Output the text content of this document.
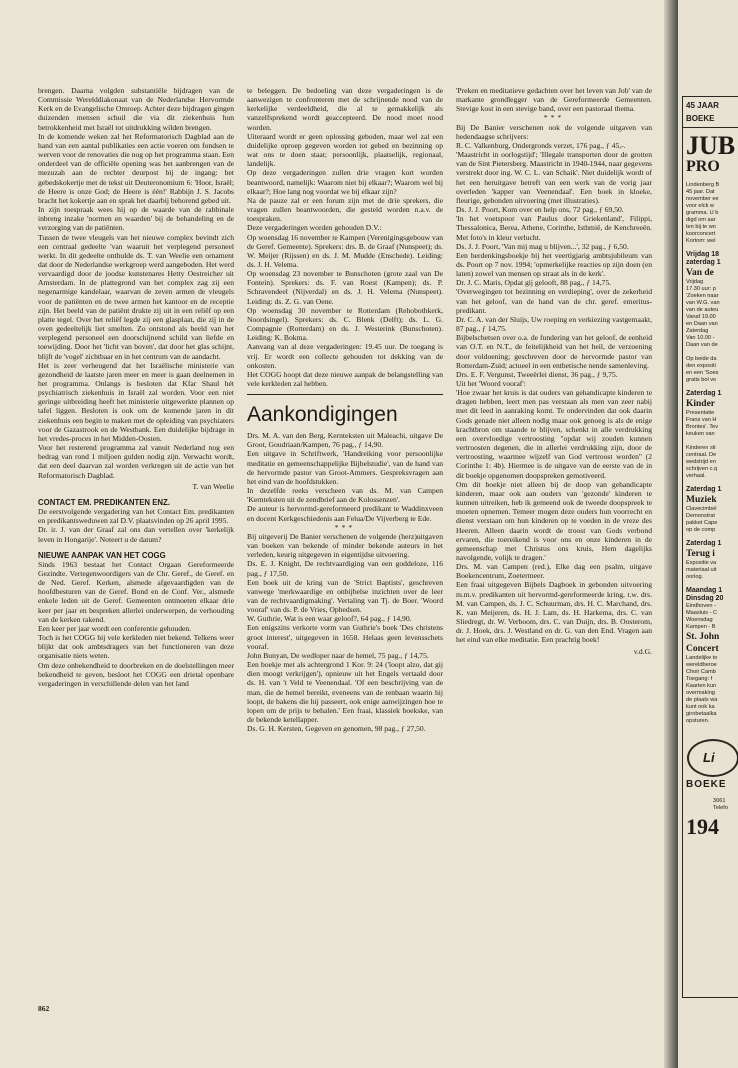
brengen. Daarna volgden substantiële bijdragen van de Commissie Werelddiakonaat van de Nederlandse Hervormde Kerk en de Evangelische Omroep. Achter deze bijdragen gingen duizenden mensen schuil die via dit ziekenhuis hun betrokkenheid met Israël tot uitdrukking wilden brengen.

In de komende weken zal het Reformatorisch Dagblad aan de hand van een aantal publikaties een actie voeren om fondsen te werven voor de renovaties die nog op het programma staan. Een onderdeel van de officiële opening was het aanbrengen van de mezuzah aan de rechter deurpost bij de ingang: het gebedskokertje met de tekst uit Deuteronomium 6: 'Hoor, Israël; de Heere is onze God; de Heere is één!' Rabbijn J. S. Jacobs bracht het kokertje aan en sprak het daarbij behorend gebed uit.

In zijn toespraak wees hij op de waarde van de rabbinale inbreng inzake 'normen en waarden' bij de behandeling en de verzorging van de patiënten.

Tussen de twee vleugels van het nieuwe complex bevindt zich een centraal gedeelte 'van waaruit het verplegend personeel werkt. In dit gedeelte onthulde ds. T. van Weelie een ornament dat door de Nederlandse werkgroep werd aangeboden. Het werd vervaardigd door de joodse kunstenares Hetty Oestreicher uit Amsterdam. In de plattegrond van het complex zag zij een negenarmige kandelaar, waarvan de zeven armen de vleugels voor de patiënten en de twee armen het kantoor en de receptie zijn. Het beeld van de patiënt drukte zij uit in een reliëf op een platte tegel. Over het reliëf legde zij een glasplaat, die zij in de oven gedeeltelijk liet smelten. Zo ontstond als beeld van het verplegend personeel een doorschijnend schild van liefde en toewijding. Door het 'licht van boven', dat door het glas schijnt, blijft de 'vogel' zichtbaar en in het centrum van de aandacht.

Het is zeer verheugend dat het Israëlische ministerie van gezondheid de laatste jaren meer en meer is gaan deelnemen in het programma. Onlangs is besloten dat Kfar Shaul hét psychiatrisch ziekenhuis in Israël zal worden. Voor een niet geringe uitbreiding heeft het ministerie uitgewerkte plannen op tafel liggen. Besloten is ook om de komende jaren in dit ziekenhuis een begin te maken met de opleiding van psychiaters voor de Gazastrook en de Westbank. Een duidelijke bijdrage in het vredes-proces in het Midden-Oosten.

Voor het resterend programma zal vanuit Nederland nog een bedrag van rond 1 miljoen gulden nodig zijn. Verwacht wordt, dat een deel daarvan zal worden verkregen uit de actie van het Reformatorisch Dagblad.

T. van Weelie

CONTACT EM. PREDIKANTEN ENZ.

De eerstvolgende vergadering van het Contact Em. predikanten en predikantsweduwen zal D.V. plaatsvinden op 26 april 1995.

Dr. ir. J. van der Graaf zal ons dan vertellen over 'kerkelijk leven in Hongarije'. Noteert u de datum?

NIEUWE AANPAK VAN HET COGG

Sinds 1963 bestaat het Contact Orgaan Gereformeerde Gezindte. Vertegenwoordigers van de Chr. Geref., de Geref. en de Ned. Geref. Kerken, alsmede afgevaardigden van de hoofdbesturen van de Geref. Bond en de Conf. Ver., alsmede enkele leden uit de Geref. Gemeenten ontmoeten elkaar drie keer per jaar en bespreken allerlei onderwerpen, de verhouding van de kerken rakend.

Een keer per jaar wordt een conferentie gehouden.

Toch is het COGG bij vele kerkleden niet bekend. Telkens weer blijkt dat ook ambtsdragers van het functioneren van deze organisatie niets weten.

Om deze onbekendheid te doorbreken en de doelstellingen meer bekendheid te geven, besloot het COGG een drietal openbare vergaderingen in verschillende delen van het land

te beleggen. De bedoeling van deze vergaderingen is de aanwezigen te confronteren met de schrijnende nood van de kerkelijke verdeeldheid, die al te gemakkelijk als vanzelfsprekend wordt geaccepteerd. De nood moet nood worden.

Uiteraard wordt er geen oplossing geboden, maar wel zal een duidelijke oproep gegeven worden tot gebed en bezinning op wat ons te doen staat; persoonlijk, plaatselijk, regionaal, landelijk.

Op deze vergaderingen zullen drie vragen kort worden beantwoord, namelijk: Waarom niet bij elkaar?; Waarom wel bij elkaar?; Hoe lang nog voordat we bij elkaar zijn?

Na de pauze zal er een forum zijn met de drie sprekers, die vragen zullen beantwoorden, die gesteld worden n.a.v. de toespraken.

Deze vergaderingen worden gehouden D.V.:

Op woensdag 16 november te Kampen (Verenigingsgebouw van de Geref. Gemeente). Sprekers: drs. B. de Graaf (Nunspeet); ds. W. Meijer (Rijssen) en ds. J. M. Mudde (Enschede). Leiding: ds. J. H. Velema.

Op woensdag 23 november te Bunschoten (grote zaal van De Fontein). Sprekers: ds. F. van Roest (Kampen); ds. P. Schravendeel (Nijverdal) en ds. J. H. Velema (Nunspeet). Leiding: ds. Z. G. van Oene.

Op woensdag 30 november te Rotterdam (Rehobothkerk, Noordsingel). Sprekers: ds. C. Blenk (Delft); ds. L. G. Compagnie (Rotterdam) en ds. J. Westerink (Bunschoten). Leiding: K. Bokma.

Aanvang van al deze vergaderingen: 19.45 uur. De toegang is vrij. Er wordt een collecte gehouden tot dekking van de onkosten.

Het COGG hoopt dat deze nieuwe aanpak de belangstelling van vele kerkleden zal hebben.

Aankondigingen

Drs. M. A. van den Berg, Kernteksten uit Maleachi, uitgave De Groot, Goudriaan/Kampen, 76 pag., ƒ 14,90.

Een uitgave in Schriftwerk, 'Handreiking voor persoonlijke meditatie en gemeenschappelijke Bijbelstudie', van de hand van de hervormde pastor van Groot-Ammers. Gespreksvragen aan het eind van de hoofdstukken.

In dezelfde reeks verscheen van ds. M. van Campen 'Kernteksten uit de zendbrief aan de Kolossenzen'.

De auteur is hervormd-gereformeerd predikant te Waddinxveen en docent Kerkgeschiedenis aan Felua/De Vijverberg te Ede.

***

Bij uitgeverij De Banier verschenen de volgende (herz)uitgaven van boeken van bekende of minder bekende auteurs in het verleden, keurig uitgegeven in eigentijdse uitvoering.

Ds. E. J. Knight, De rechtvaardiging van een goddeloze, 116 pag., ƒ 17,50.

Een boek uit de kring van de 'Strict Baptists', geschreven vanwege 'merkwaardige en onbijbelse inzichten over de leer van de rechtvaardigmaking'. Vertaling van Tj. de Boer. 'Woord vooraf' van ds. P. de Vries, Ophedsen.

W. Guthrie, Wat is een waar geloof?, 64 pag., ƒ 14,90.

Een enigszins verkorte vorm van Guthrie's boek 'Des christens groot interest', uitgegeven in 1658. Helaas geen levensschets vooraf.

John Bunyan, De wedloper naar de hemel, 75 pag., ƒ 14,75.

Een boekje met als achtergrond 1 Kor. 9: 24 ('loopt alzo, dat gij dien moogt verkrijgen'), opnieuw uit het Engels vertaald door ds. H. van 't Veld te Veenendaal. 'Of een beschrijving van de man, die de hemel bereikt, eveneens van de renbaan waarin hij loopt, de bakens die hij passeert, ook enige aanwijzingen hoe te lopen om de prijs te behalen.' Een fraai, klassiek boekske, van de bekende ketellapper.

Ds. G. H. Kersten, Gegeven en genomen, 98 pag., ƒ 27,50.

'Preken en meditatieve gedachten over het leven van Job' van de markante grondlegger van de Gereformeerde Gemeenten. Stevige kost in een stevige band, over een pastoraal thema.

***

Bij De Banier verschenen ook de volgende uitgaven van hedendaagse schrijvers:

R. C. Valkenburg, Ondergronds verzet, 176 pag., ƒ 45,-.

'Maastricht in oorlogstijd'; 'Illegale transporten door de grotten van de Sint Pietersberg. Maastricht in 1940-1944, naar gegevens verstrekt door ing. W. C. L. van Schaik'. Niet duidelijk wordt of het een heruitgave betreft van een werk van de vorig jaar overleden 'kapper van Veenendaal'. Een boek in kloeke, fleurige, gebonden uitvoering (met illustraties).

Ds. J. J. Poort, Kom over en help ons, 72 pag., ƒ 69,50.

'In het voetspoor van Paulus door Griekenland', Filippi, Thessalonica, Berea, Athene, Corinthe, Isthmië, de Kenchreeën. Met foto's in kleur verlucht.

Ds. J. J. Poort, 'Van mij mag u blijven...', 32 pag., ƒ 6,50.

Een herdenkingsboekje bij het veertigjarig ambtsjubileum van ds. Poort op 7 nov. 1994; 'opmerkelijke reacties op zijn doen (en laten) zowel van mensen op straat als in de kerk'.

Dr. J. C. Maris, Opdat gij gelooft, 88 pag., ƒ 14,75.

'Overwegingen tot bezinning en verdieping', over de zekerheid van het geloof, van de hand van de chr. geref. emeritus-predikant.

Dr. C. A. van der Sluijs, Uw roeping en verkiezing vastgemaakt, 87 pag., ƒ 14,75.

Bijbelschetsen over o.a. de fundering van het geloof, de eenheid van O.T. en N.T., de feitelijkheid van het heil, de verzoening door voldoening; geschreven door de hervormde pastor van Rotterdam-Zuid; actueel in een enthetische nende samenleving.

Drs. E. F. Vergunst, Tweeërlei dienst, 36 pag., ƒ 9,75.

Uit het 'Woord vooraf':

'Hoe zwaar het kruis is dat ouders van gehandicapte kinderen te dragen hebben, leert men pas verstaan als men van zeer nabij met dit leed in aanraking komt. Te ondervinden dat ook daarin Gods genade niet alleen nodig maar ook genoeg is als de enige krachtbron om staande te blijven, schenkt in alle verdrukking een overvloedige vertroosting "opdat wij zouden kunnen vertroosten degenen, die in allerlei verdrukking zijn, door de vertroosting, waarmee wijzelf van God vertroost worden" (2 Corinthe 1: 4b). Hiermee is de uitgave van de eerste van de in dit boekje opgenomen doopspreken gemotiveerd.

Om dit boekje niet alleen bij de doop van gehandicapte kinderen, maar ook aan ouders van 'gezonde' kinderen te kunnen uitreiken, heb ik gemeend ook de tweede doopspreek te moeten opnemen. Temeer mogen deze ouders hun voorrecht en dienst verstaan om hun kinderen op te voeden in de vreze des Heeren. Alleen daarin wordt de troost van Gods verbond ervaren, die toereikend is voor ons en onze kinderen in de gemeenschap met Christus ons kruis, Hem dagelijks navolgende, volijk te dragen.'

Drs. M. van Campen (red.), Elke dag een psalm, uitgave Boekencentrum, Zoetermeer.

Een fraai uitgegeven Bijbels Dagboek in gebonden uitvoering m.m.v. predikanten uit hervormd-gereformeerde kring, t.w. drs. M. van Campen, ds. J. C. Schuurman, drs. H. C. Marchand, drs. K. van Meijeren, ds. H. J. Lam, ds. H. Harkema, drs. C. van Sliedregt, dr. W. Verboom, drs. C. van Duijn, drs. B. Oosterom, dr. J. Hoek, drs. J. Westland en dr. G. van den End. Vragen aan het eind van elke meditatie. Een prachtig boek!

v.d.G.

862
45 JAAR
BOEKE
JUB
PRO
Lindenberg B
45 jaar. Dat
november ee
voor elck w
gramma. U b
digd om aar
ten bij te wo
koorconcert
Kortom: wel
Vrijdag 18
zaterdag 1
Van de
Vrijdag
17.30 uur: p
'Zoeken naar
van W.G. van
van de auteu
Vanaf 19.00
en Daan van
Zaterdag
Van 10.00 -
Daan van de

Op beide da
den expositi
en een 'Soes
gratis bol vo
Zaterdag 1
Kinder
Presentatie
Frans van H
Brontes'. Tev
keuken van

Kinderen sti
centraal. De
wedstrijd en
schrijven c.q
verhaal.
Zaterdag 1
Muziek
Clavecimbel
Demonstrat
pakket Cape
op de comp
Zaterdag 1
Terug i
Expositie va
materiaal uit
oorlog.
Maandag 1
Dinsdag 20
Eindhoven -
Maasluis - C
Woensdag
Kampen - B
St. John
Concert
Landelijke to
wereldberoe
Choir Camb
Toegang: f
Kaarten kun
overmaking
de plaats wa
kunt ook ka
girobetaalka
opsturen.
Li
BOEKE
3061
Telefo
194
